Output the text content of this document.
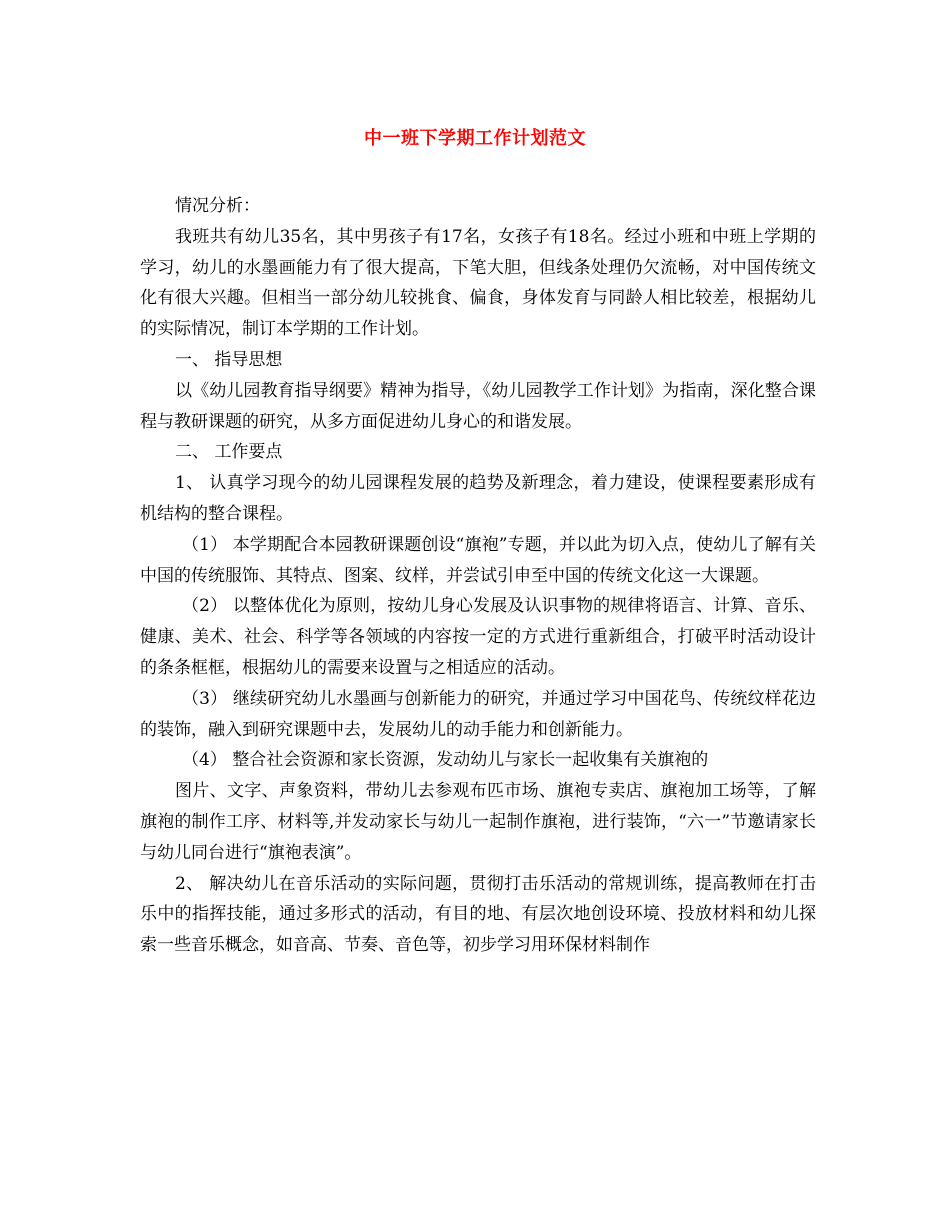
中一班下学期工作计划范文

情况分析：

我班共有幼儿35名，其中男孩子有17名，女孩子有18名。经过小班和中班上学期的学习，幼儿的水墨画能力有了很大提高，下笔大胆，但线条处理仍欠流畅，对中国传统文化有很大兴趣。但相当一部分幼儿较挑食、偏食，身体发育与同龄人相比较差，根据幼儿的实际情况，制订本学期的工作计划。

一、 指导思想

以《幼儿园教育指导纲要》精神为指导，《幼儿园教学工作计划》为指南，深化整合课程与教研课题的研究，从多方面促进幼儿身心的和谐发展。

二、 工作要点

1、 认真学习现今的幼儿园课程发展的趋势及新理念，着力建设，使课程要素形成有机结构的整合课程。

（1） 本学期配合本园教研课题创设“旗袍”专题，并以此为切入点，使幼儿了解有关中国的传统服饰、其特点、图案、纹样，并尝试引申至中国的传统文化这一大课题。

（2） 以整体优化为原则，按幼儿身心发展及认识事物的规律将语言、计算、音乐、健康、美术、社会、科学等各领域的内容按一定的方式进行重新组合，打破平时活动设计的条条框框，根据幼儿的需要来设置与之相适应的活动。

（3） 继续研究幼儿水墨画与创新能力的研究，并通过学习中国花鸟、传统纹样花边的装饰，融入到研究课题中去，发展幼儿的动手能力和创新能力。

（4） 整合社会资源和家长资源，发动幼儿与家长一起收集有关旗袍的

图片、文字、声象资料，带幼儿去参观布匹市场、旗袍专卖店、旗袍加工场等，了解旗袍的制作工序、材料等,并发动家长与幼儿一起制作旗袍，进行装饰，“六一”节邀请家长与幼儿同台进行“旗袍表演”。

2、 解决幼儿在音乐活动的实际问题，贯彻打击乐活动的常规训练，提高教师在打击乐中的指挥技能，通过多形式的活动，有目的地、有层次地创设环境、投放材料和幼儿探索一些音乐概念，如音高、节奏、音色等，初步学习用环保材料制作
